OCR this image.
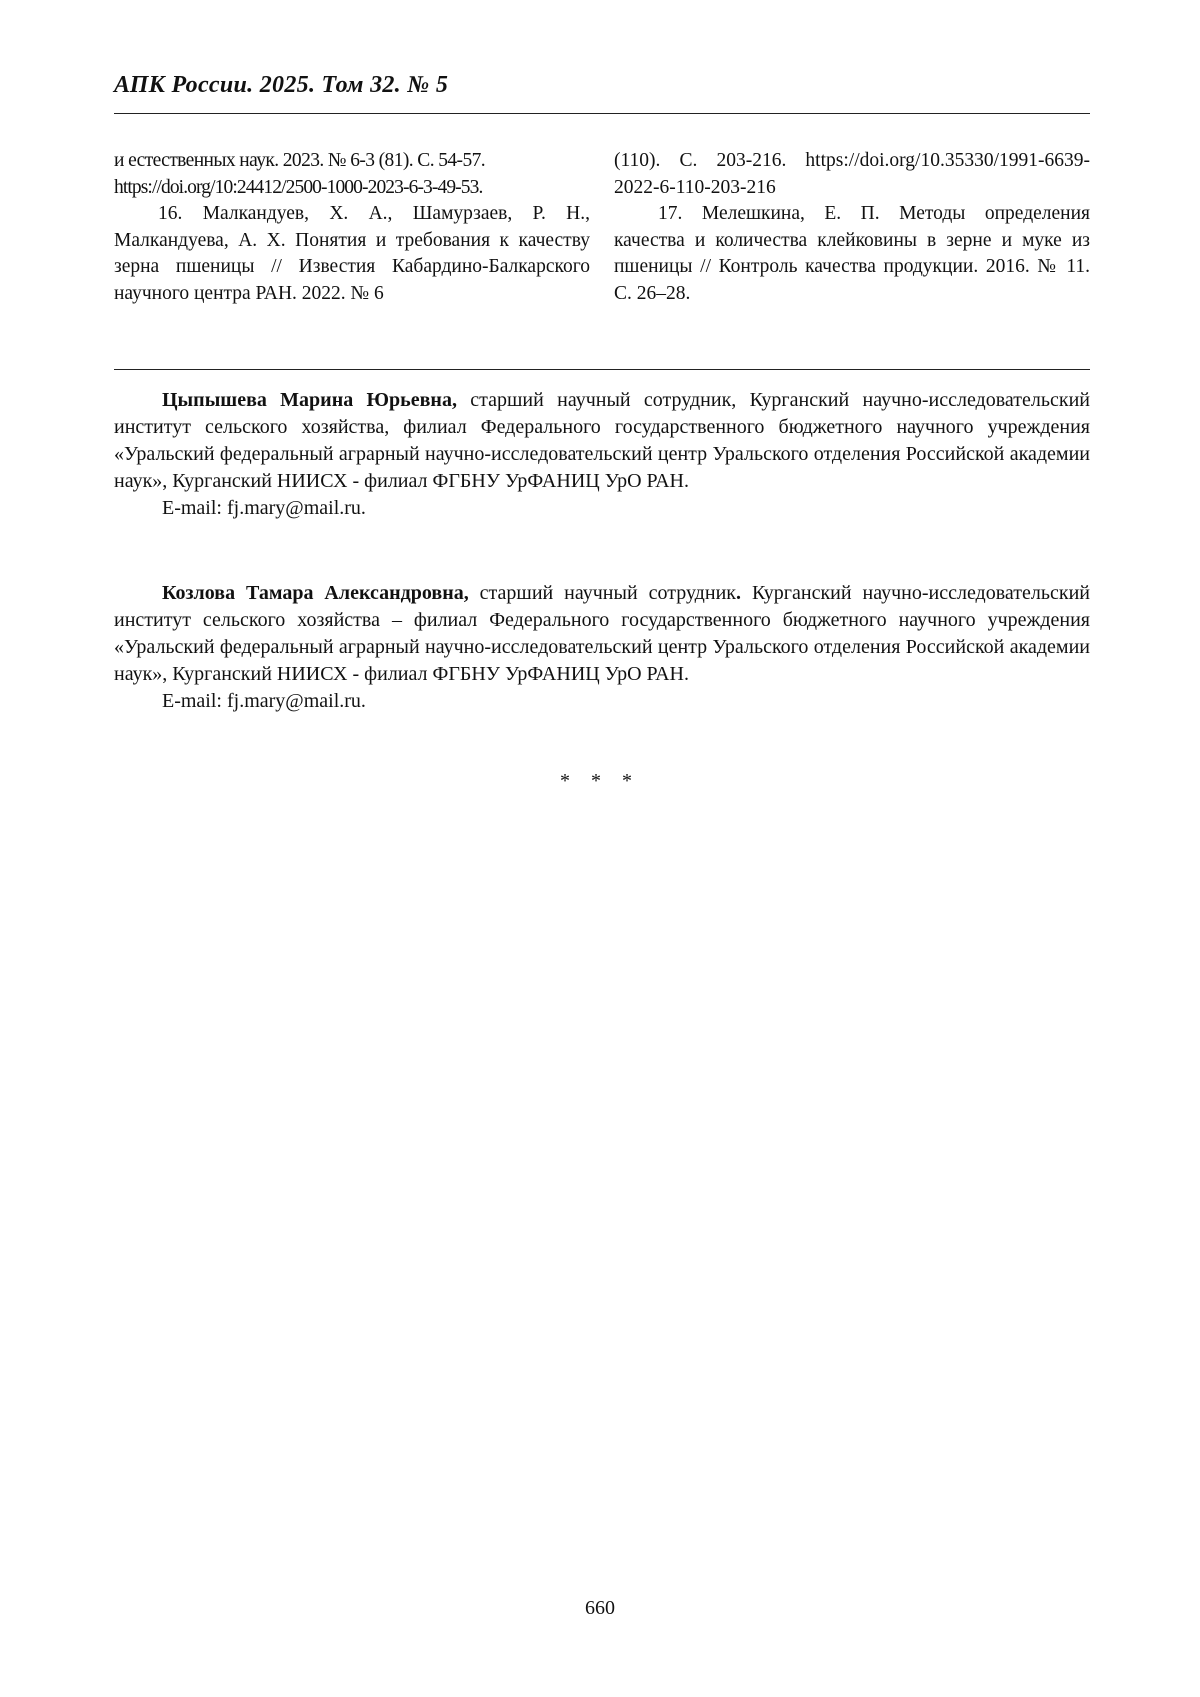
АПК России. 2025. Том 32. № 5

и естественных наук. 2023. № 6-3 (81). С. 54-57.

https://doi.org/10:24412/2500-1000-2023-6-3-49-53.

16. Малкандуев, Х. А., Шамурзаев, Р. Н., Малкандуева, А. Х. Понятия и требования к качеству зерна пшеницы // Известия Кабардино-Балкарского научного центра РАН. 2022. № 6

(110). С. 203-216. https://doi.org/10.35330/1991-6639-2022-6-110-203-216

17. Мелешкина, Е. П. Методы определения качества и количества клейковины в зерне и муке из пшеницы // Контроль качества продукции. 2016. № 11. С. 26–28.

Цыпышева Марина Юрьевна, старший научный сотрудник, Курганский научно-исследовательский институт сельского хозяйства, филиал Федерального государственного бюджетного научного учреждения «Уральский федеральный аграрный научно-исследовательский центр Уральского отделения Российской академии наук», Курганский НИИСХ - филиал ФГБНУ УрФАНИЦ УрО РАН.

E-mail: fj.mary@mail.ru.

Козлова Тамара Александровна, старший научный сотрудник. Курганский научно-исследовательский институт сельского хозяйства – филиал Федерального государственного бюджетного научного учреждения «Уральский федеральный аграрный научно-исследовательский центр Уральского отделения Российской академии наук», Курганский НИИСХ - филиал ФГБНУ УрФАНИЦ УрО РАН.

E-mail: fj.mary@mail.ru.

* * *
660
